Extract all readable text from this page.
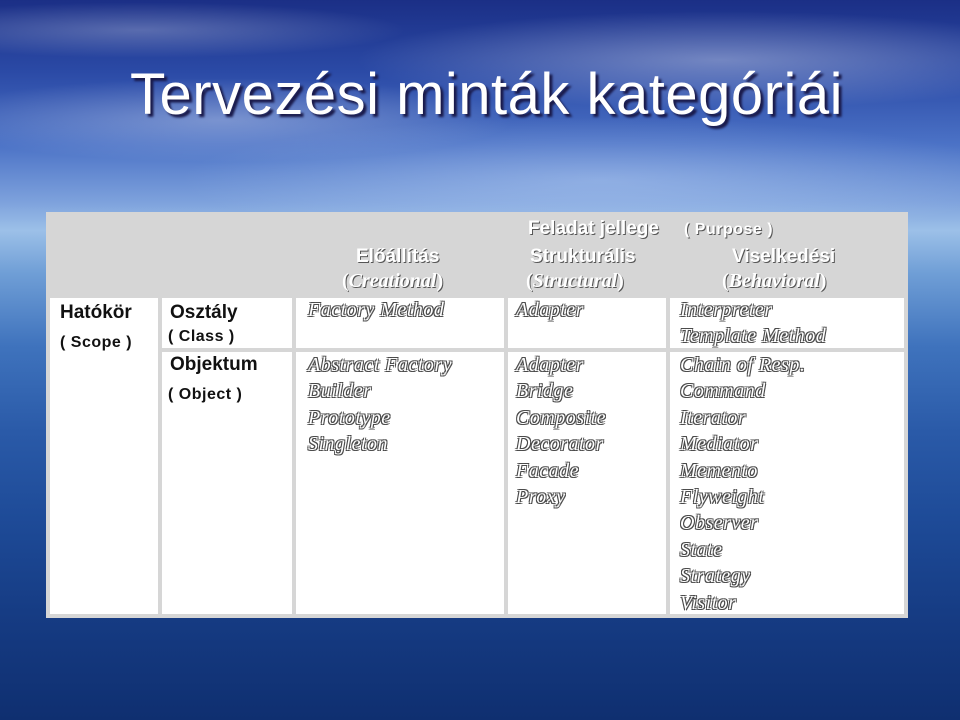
Tervezési minták kategóriái
Feladat jellege ( Purpose )
Előállítás
(Creational)
Strukturális
(Structural)
Viselkedési
(Behavioral)
Hatókör
( Scope )
Osztály
( Class )
Objektum
( Object )
Factory Method	Adapter	Interpreter
Template Method
Abstract Factory
Builder
Prototype
Singleton
Adapter
Bridge
Composite
Decorator
Facade
Proxy
Chain of Resp.
Command
Iterator
Mediator
Memento
Flyweight
Observer
State
Strategy
Visitor
